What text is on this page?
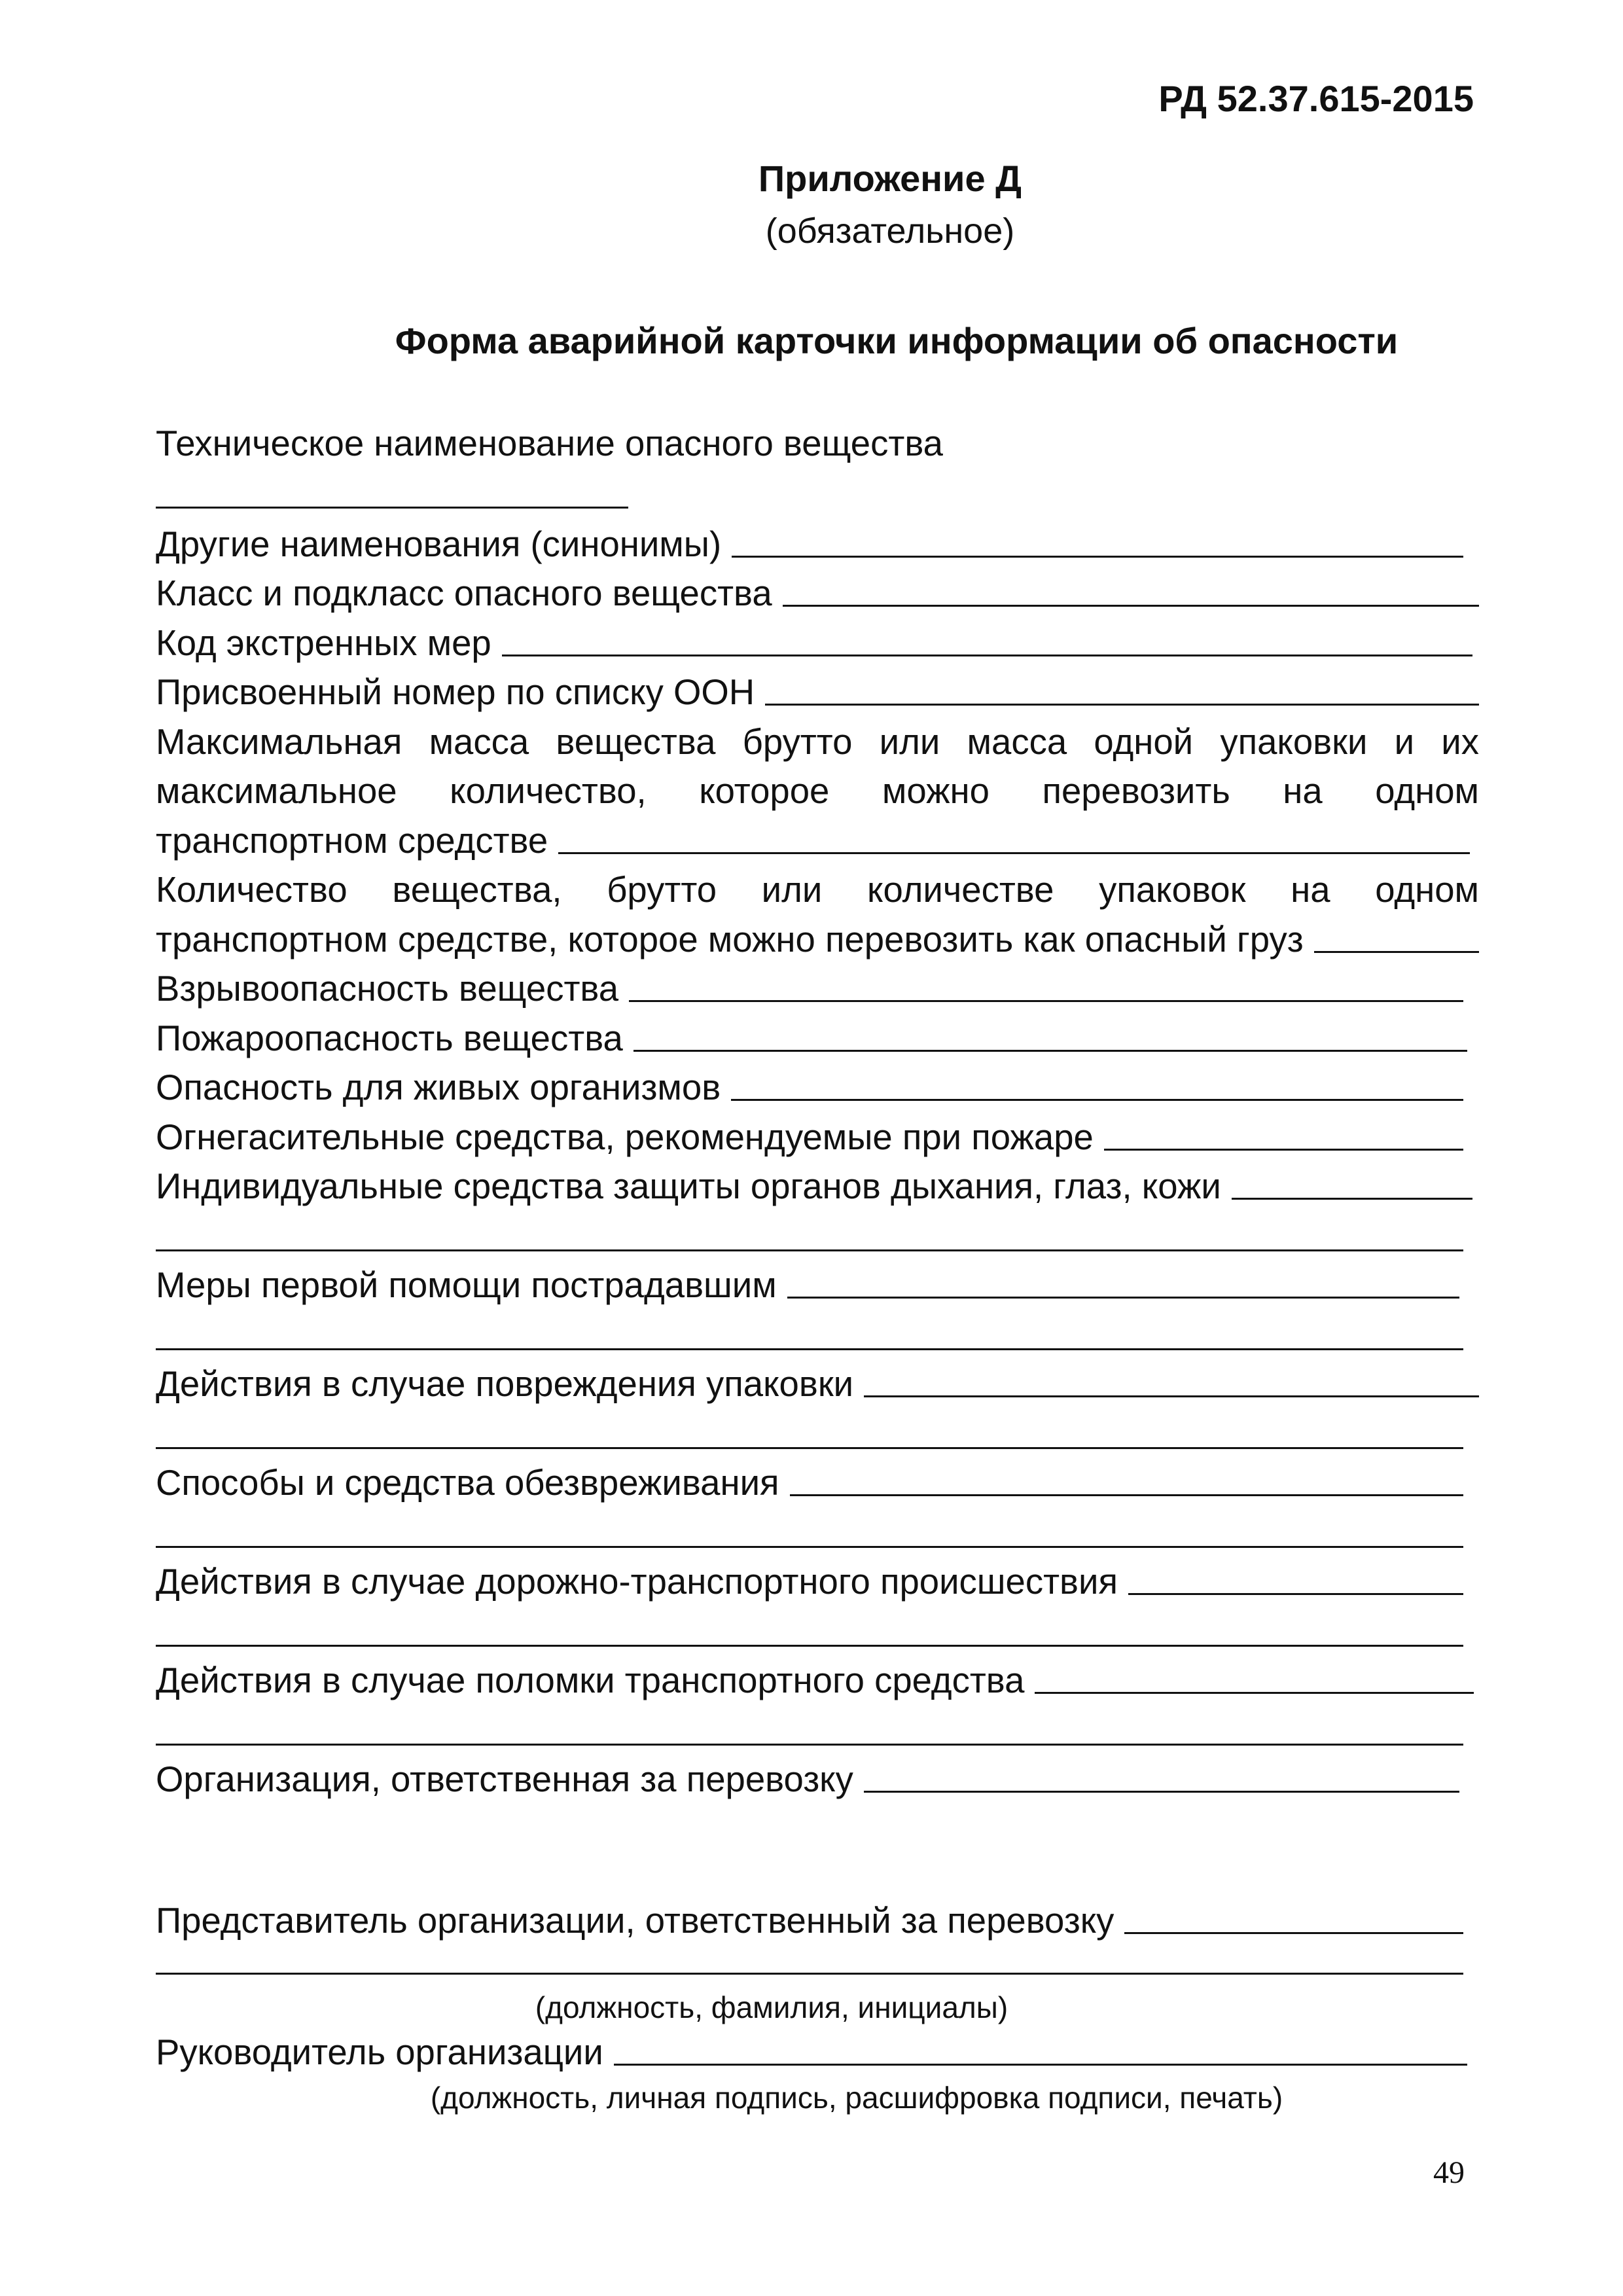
РД 52.37.615-2015
Приложение Д
(обязательное)
Форма аварийной карточки информации об опасности
Техническое наименование опасного вещества
Другие наименования (синонимы)
Класс и подкласс опасного вещества
Код экстренных мер
Присвоенный номер по списку ООН
Максимальная масса вещества брутто или масса одной упаковки и их
максимальное количество, которое можно перевозить на одном
транспортном средстве
Количество вещества, брутто или количестве упаковок на одном
транспортном средстве, которое можно перевозить как опасный груз
Взрывоопасность вещества
Пожароопасность вещества
Опасность для живых организмов
Огнегасительные средства, рекомендуемые при пожаре
Индивидуальные средства защиты органов дыхания, глаз, кожи
Меры первой помощи пострадавшим
Действия в случае повреждения упаковки
Способы и средства обезвреживания
Действия в случае дорожно-транспортного происшествия
Действия в случае поломки транспортного средства
Организация, ответственная за перевозку
Представитель организации, ответственный за перевозку
(должность, фамилия, инициалы)
Руководитель организации
(должность, личная подпись, расшифровка подписи, печать)
49
